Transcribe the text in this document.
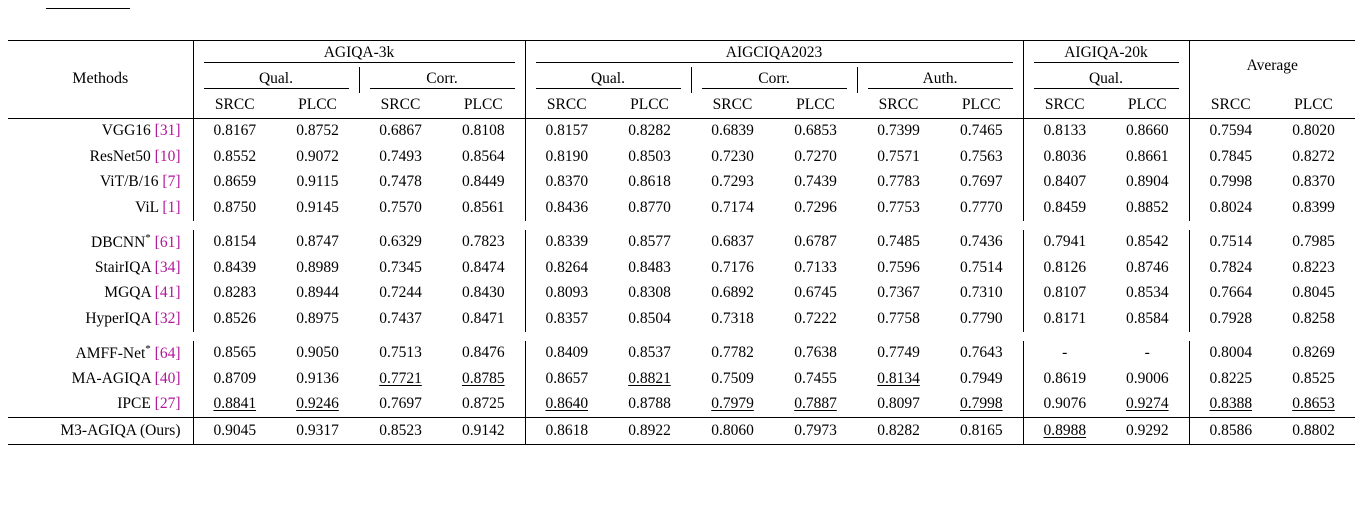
Methods	AGIQA-3k				AIGCIQA2023						AIGIQA-20k		Average	

	Qual.		Corr.		Qual.		Corr.		Auth.		Qual.			

	SRCC	PLCC	SRCC	PLCC	SRCC	PLCC	SRCC	PLCC	SRCC	PLCC	SRCC	PLCC	SRCC	PLCC

VGG16 [31]	0.8167	0.8752	0.6867	0.8108	0.8157	0.8282	0.6839	0.6853	0.7399	0.7465	0.8133	0.8660	0.7594	0.8020
ResNet50 [10]	0.8552	0.9072	0.7493	0.8564	0.8190	0.8503	0.7230	0.7270	0.7571	0.7563	0.8036	0.8661	0.7845	0.8272
ViT/B/16 [7]	0.8659	0.9115	0.7478	0.8449	0.8370	0.8618	0.7293	0.7439	0.7783	0.7697	0.8407	0.8904	0.7998	0.8370
ViL [1]	0.8750	0.9145	0.7570	0.8561	0.8436	0.8770	0.7174	0.7296	0.7753	0.7770	0.8459	0.8852	0.8024	0.8399

DBCNN* [61]	0.8154	0.8747	0.6329	0.7823	0.8339	0.8577	0.6837	0.6787	0.7485	0.7436	0.7941	0.8542	0.7514	0.7985
StairIQA [34]	0.8439	0.8989	0.7345	0.8474	0.8264	0.8483	0.7176	0.7133	0.7596	0.7514	0.8126	0.8746	0.7824	0.8223
MGQA [41]	0.8283	0.8944	0.7244	0.8430	0.8093	0.8308	0.6892	0.6745	0.7367	0.7310	0.8107	0.8534	0.7664	0.8045
HyperIQA [32]	0.8526	0.8975	0.7437	0.8471	0.8357	0.8504	0.7318	0.7222	0.7758	0.7790	0.8171	0.8584	0.7928	0.8258

AMFF-Net* [64]	0.8565	0.9050	0.7513	0.8476	0.8409	0.8537	0.7782	0.7638	0.7749	0.7643	-	-	0.8004	0.8269
MA-AGIQA [40]	0.8709	0.9136	0.7721	0.8785	0.8657	0.8821	0.7509	0.7455	0.8134	0.7949	0.8619	0.9006	0.8225	0.8525
IPCE [27]	0.8841	0.9246	0.7697	0.8725	0.8640	0.8788	0.7979	0.7887	0.8097	0.7998	0.9076	0.9274	0.8388	0.8653

M3-AGIQA (Ours)	0.9045	0.9317	0.8523	0.9142	0.8618	0.8922	0.8060	0.7973	0.8282	0.8165	0.8988	0.9292	0.8586	0.8802
